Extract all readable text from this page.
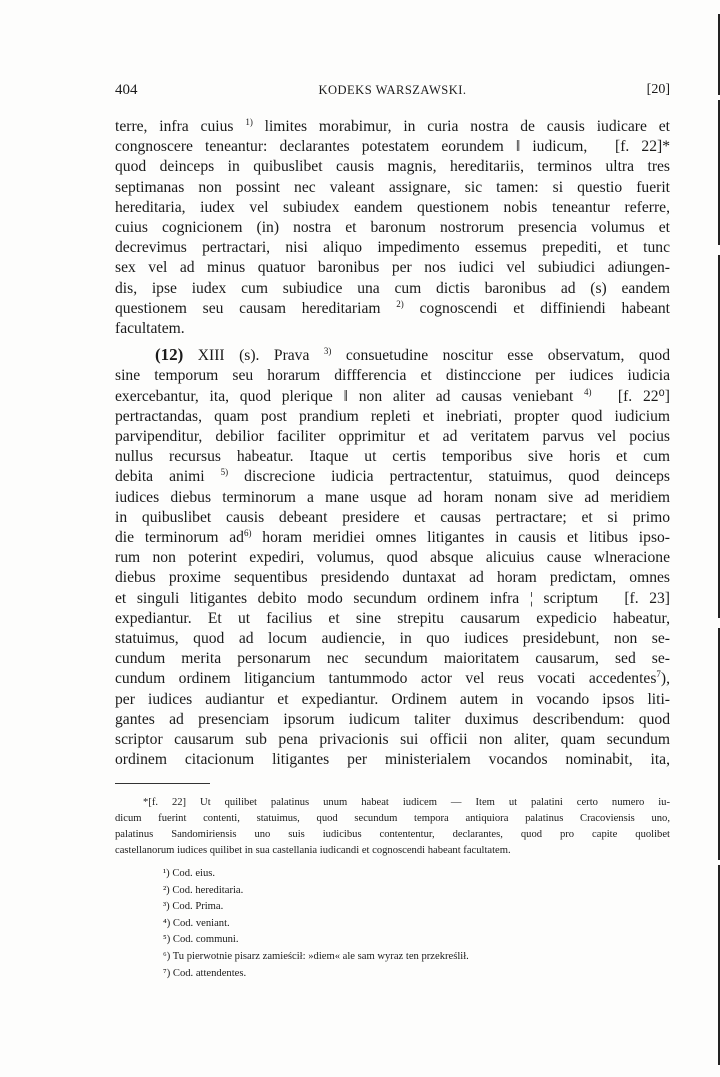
404	KODEKS WARSZAWSKI.	[20]

terre, infra cuius $^{1)}$ limites morabimur, in curia nostra de causis iudicare et
congnoscere teneantur: declarantes potestatem eorundem ‖ iudicum,  [f. 22]*
quod deinceps in quibuslibet causis magnis, hereditariis, terminos ultra tres
septimanas non possint nec valeant assignare, sic tamen: si questio fuerit
hereditaria, iudex vel subiudex eandem questionem nobis teneantur referre,
cuius cognicionem (in) nostra et baronum nostrorum presencia volumus et
decrevimus pertractari, nisi aliquo impedimento essemus prepediti, et tunc
sex vel ad minus quatuor baronibus per nos iudici vel subiudici adiungen-
dis, ipse iudex cum subiudice una cum dictis baronibus ad (s) eandem
questionem seu causam hereditariam $^{2)}$ cognoscendi et diffiniendi habeant
facultatem.

(12) XIII (s). Prava $^{3)}$ consuetudine noscitur esse observatum, quod
sine temporum seu horarum diffferencia et distinccione per iudices iudicia
exercebantur, ita, quod plerique ‖ non aliter ad causas veniebant $^{4)}$  [f. 22⁰]
pertractandas, quam post prandium repleti et inebriati, propter quod iudicium
parvipenditur, debilior faciliter opprimitur et ad veritatem parvus vel pocius
nullus recursus habeatur. Itaque ut certis temporibus sive horis et cum
debita animi $^{5)}$ discrecione iudicia pertractentur, statuimus, quod deinceps
iudices diebus terminorum a mane usque ad horam nonam sive ad meridiem
in quibuslibet causis debeant presidere et causas pertractare; et si primo
die terminorum $ad^{6)}$ horam meridiei omnes litigantes in causis et litibus ipso-
rum non poterint expediri, volumus, quod absque alicuius cause wlneracione
diebus proxime sequentibus presidendo duntaxat ad horam predictam, omnes
et singuli litigantes debito modo secundum ordinem infra ¦ scriptum  [f. 23]
expediantur. Et ut facilius et sine strepitu causarum expedicio habeatur,
statuimus, quod ad locum audiencie, in quo iudices presidebunt, non se-
cundum merita personarum nec secundum maioritatem causarum, sed se-
cundum ordinem litigancium tantummodo actor vel reus vocati accedentes$^7$),
per iudices audiantur et expediantur. Ordinem autem in vocando ipsos liti-
gantes ad presenciam ipsorum iudicum taliter duximus describendum: quod
scriptor causarum sub pena privacionis sui officii non aliter, quam secundum
ordinem citacionum litigantes per ministerialem vocandos nominabit, ita,

*[f. 22] Ut quilibet palatinus unum habeat iudicem — Item ut palatini certo numero iu-
dicum fuerint contenti, statuimus, quod secundum tempora antiquiora palatinus Cracoviensis uno,
palatinus Sandomiriensis uno suis iudicibus contententur, declarantes, quod pro capite quolibet
castellanorum iudices quilibet in sua castellania iudicandi et cognoscendi habeant facultatem.
¹) Cod. eius.
²) Cod. hereditaria.
³) Cod. Prima.
⁴) Cod. veniant.
⁵) Cod. communi.
⁶) Tu pierwotnie pisarz zamieścił: »diem« ale sam wyraz ten przekreślił.
⁷) Cod. attendentes.
